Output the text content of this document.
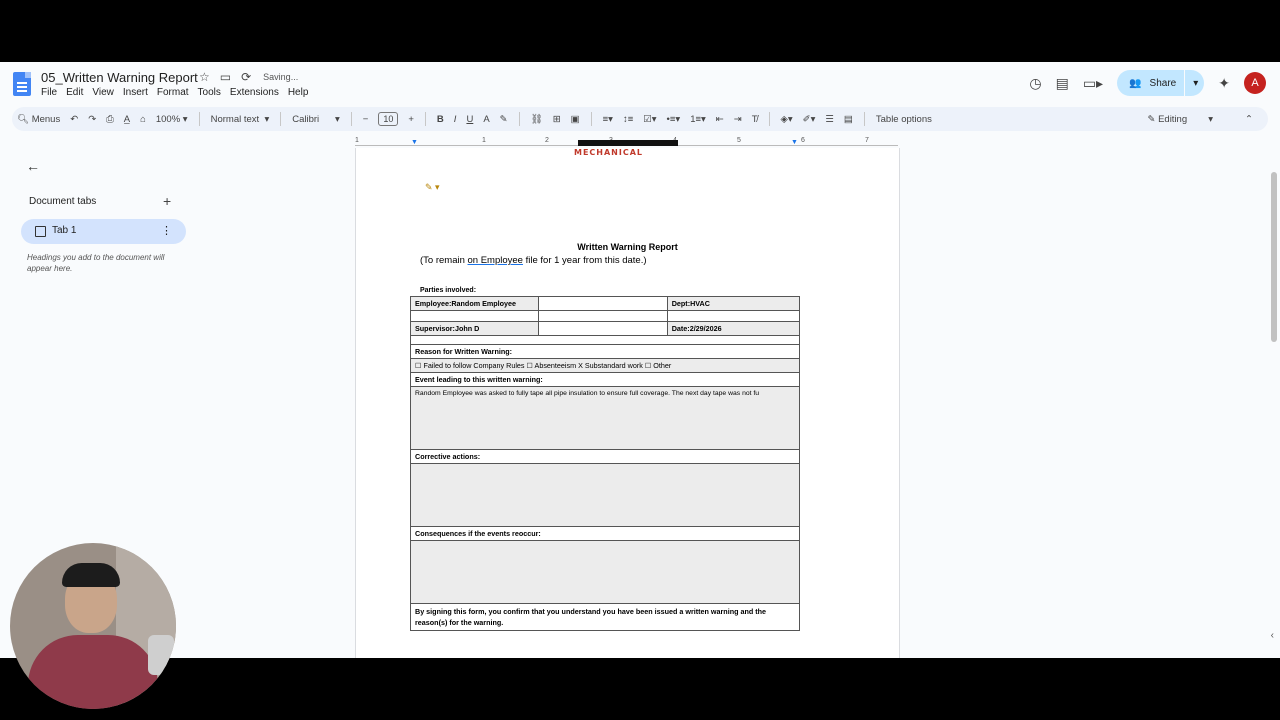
05_Written Warning Report ☆ ▭ ⟳ Saving...
File Edit View Insert Format Tools Extensions Help
◷ ▤ ▭▸	👥 Share ▾ ✦	A
🔍︎
Menus ↶ ↷ ⎙ A̲ ⌂ 100% ▾ Normal text ▾ Calibri ▾ −	10	+ B I U A ✎ ⛓ ⊞ ▣ ≡▾ ↕≡ ☑▾ •≡▾ 1≡▾ ⇤ ⇥ T̸ ◈▾ ✐▾ ☰ ▤ Table options	✎
Editing ▾	⌃
1	1	2	5	6	7
▼	▼
←
Document tabs	+
Tab 1	⋮
Headings you add to the document will appear here.
MECHANICAL
✎ ▾
Written Warning Report
(To remain on Employee file for 1 year from this date.)
Parties involved:
Employee:Random Employee		Dept:HVAC

Supervisor:John D		Date:2/29/2026

Reason for Written Warning:		
☐ Failed to follow Company Rules ☐ Absenteeism X Substandard work ☐ Other		
Event leading to this written warning:		
Random Employee was asked to fully tape all pipe insulation to ensure full coverage. The next day tape was not fu		
Corrective actions:		

Consequences if the events reoccur:		

By signing this form, you confirm that you understand you have been issued a written warning and the reason(s) for the warning.		
‹
